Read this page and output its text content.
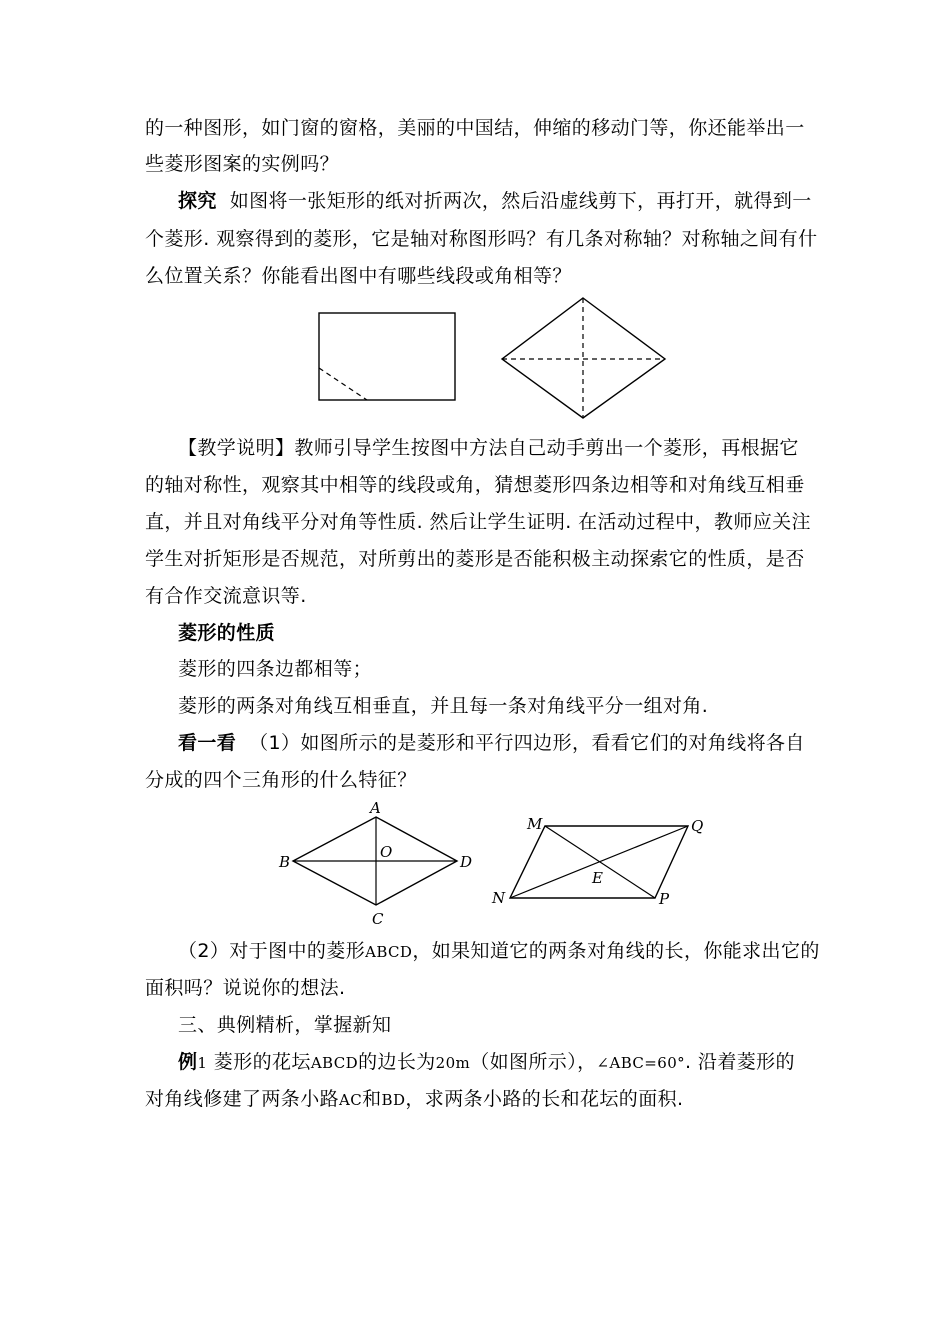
的一种图形，如门窗的窗格，美丽的中国结，伸缩的移动门等，你还能举出一
些菱形图案的实例吗？
探究 如图将一张矩形的纸对折两次，然后沿虚线剪下，再打开，就得到一
个菱形. 观察得到的菱形，它是轴对称图形吗？有几条对称轴？对称轴之间有什
么位置关系？你能看出图中有哪些线段或角相等？
【教学说明】教师引导学生按图中方法自己动手剪出一个菱形，再根据它
的轴对称性，观察其中相等的线段或角，猜想菱形四条边相等和对角线互相垂
直，并且对角线平分对角等性质. 然后让学生证明. 在活动过程中，教师应关注
学生对折矩形是否规范，对所剪出的菱形是否能积极主动探索它的性质，是否
有合作交流意识等.
菱形的性质
菱形的四条边都相等；
菱形的两条对角线互相垂直，并且每一条对角线平分一组对角.
看一看 （1）如图所示的是菱形和平行四边形，看看它们的对角线将各自
分成的四个三角形的什么特征？
A
B
C
D
O
M
N	P
Q
E
（2）对于图中的菱形ABCD，如果知道它的两条对角线的长，你能求出它的
面积吗？说说你的想法.
三、典例精析，掌握新知
例1 菱形的花坛ABCD的边长为20m（如图所示），∠ABC=60°. 沿着菱形的
对角线修建了两条小路AC和BD，求两条小路的长和花坛的面积.
